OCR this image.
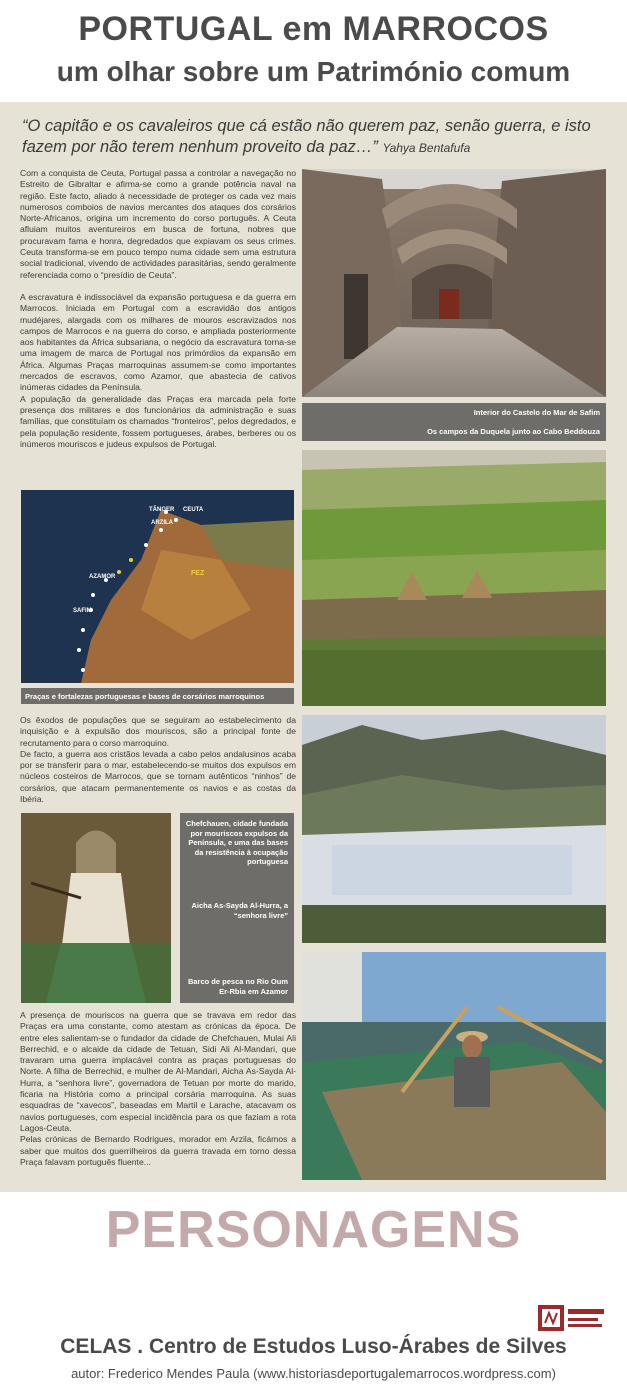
PORTUGAL em MARROCOS
um olhar sobre um Património comum
“O capitão e os cavaleiros que cá estão não querem paz, senão guerra, e isto fazem por não terem nenhum proveito da paz…” Yahya Bentafufa

Com a conquista de Ceuta, Portugal passa a controlar a navegação no Estreito de Gibraltar e afirma-se como a grande potência naval na região. Este facto, aliado à necessidade de proteger os cada vez mais numerosos comboios de navios mercantes dos ataques dos corsários Norte-Africanos, origina um incremento do corso português. A Ceuta afluiam muitos aventureiros em busca de fortuna, nobres que procuravam fama e honra, degredados que expiavam os seus crimes. Ceuta transforma-se em pouco tempo numa cidade sem uma estrutura social tradicional, vivendo de actividades parasitárias, sendo geralmente referenciada como o “presídio de Ceuta”.

A escravatura é indissociável da expansão portuguesa e da guerra em Marrocos. Iniciada em Portugal com a escravidão dos antigos mudéjares, alargada com os milhares de mouros escravizados nos campos de Marrocos e na guerra do corso, e ampliada posteriormente aos habitantes da África subsariana, o negócio da escravatura torna-se uma imagem de marca de Portugal nos primórdios da expansão em África. Algumas Praças marroquinas assumem-se como importantes mercados de escravos, como Azamor, que abastecia de cativos inúmeras cidades da Península.

A população da generalidade das Praças era marcada pela forte presença dos militares e dos funcionários da administração e suas famílias, que constituíam os chamados “fronteiros”, pelos degredados, e pela população residente, fossem portugueses, árabes, berberes ou os inúmeros mouriscos e judeus expulsos de Portugal.

Interior do Castelo do Mar de Safim
Os campos da Duquela junto ao Cabo Beddouza
TÂNGER CEUTA
ARZILA
AZAMOR
SAFIM
FEZ
Praças e fortalezas portuguesas e bases de corsários marroquinos

Os êxodos de populações que se seguiram ao estabelecimento da inquisição e à expulsão dos mouriscos, são a principal fonte de recrutamento para o corso marroquino.

De facto, a guerra aos cristãos levada a cabo pelos andalusinos acaba por se transferir para o mar, estabelecendo-se muitos dos expulsos em núcleos costeiros de Marrocos, que se tornam autênticos “ninhos” de corsários, que atacam permanentemente os navios e as costas da Ibéria.

Chefchauen, cidade fundada por mouriscos expulsos da Península, e uma das bases da resistência à ocupação portuguesa
Aicha As-Sayda Al-Hurra, a “senhora livre”
Barco de pesca no Rio Oum Er-Rbia em Azamor

A presença de mouriscos na guerra que se travava em redor das Praças era uma constante, como atestam as crónicas da época. De entre eles salientam-se o fundador da cidade de Chefchauen, Mulai Ali Berrechid, e o alcaide da cidade de Tetuan, Sidi Ali Al-Mandari, que travaram uma guerra implacável contra as praças portuguesas do Norte. A filha de Berrechid, e mulher de Al-Mandari, Aicha As-Sayda Al-Hurra, a “senhora livre”, governadora de Tetuan por morte do marido, ficaria na História como a principal corsária marroquina. As suas esquadras de “xavecos”, baseadas em Martil e Larache, atacavam os navios portugueses, com especial incidência para os que faziam a rota Lagos-Ceuta.

Pelas crónicas de Bernardo Rodrigues, morador em Arzila, ficámos a saber que muitos dos guerrilheiros da guerra travada em torno dessa Praça falavam português fluente...

PERSONAGENS
CELAS . Centro de Estudos Luso-Árabes de Silves
autor: Frederico Mendes Paula (www.historiasdeportugalemarrocos.wordpress.com)
